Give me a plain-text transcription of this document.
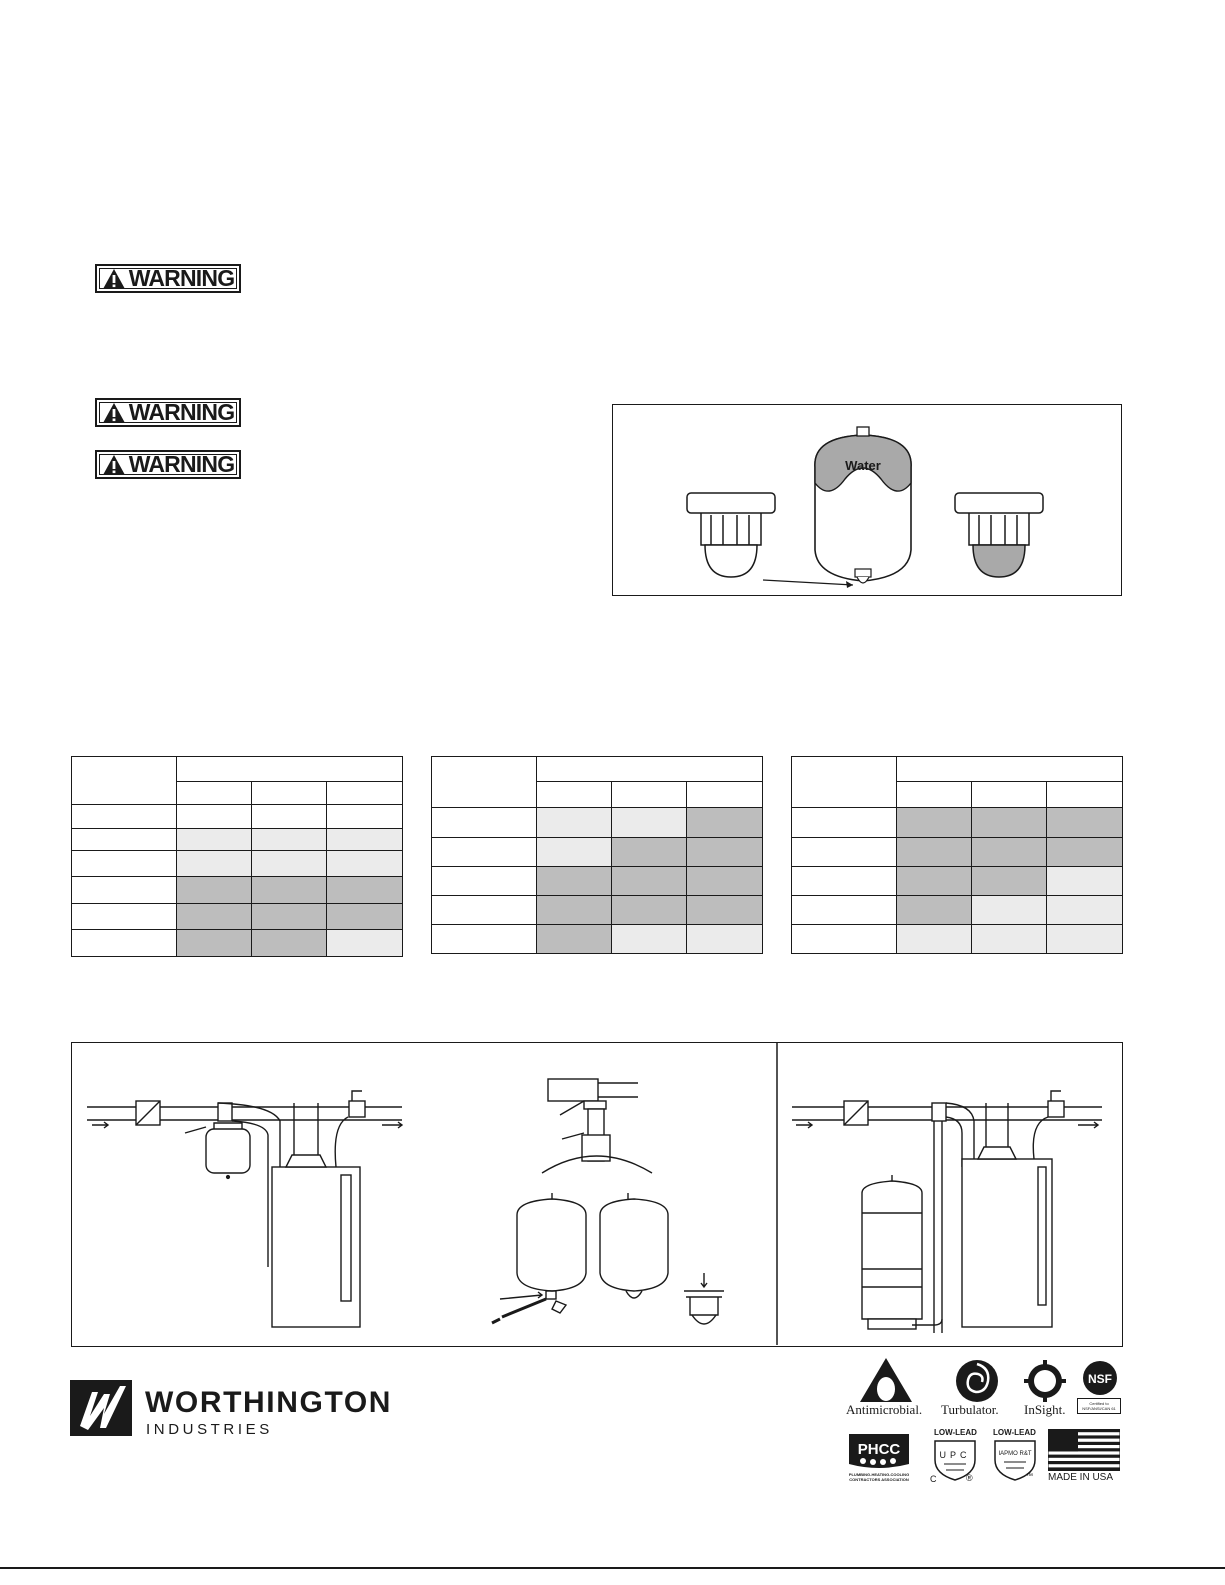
WARNING
WARNING
WARNING	Water

WORTHINGTON
INDUSTRIES
Antimicrobial. Turbulator. InSight.
NSF
Certified to NSF/ANSI/CAN 61
PHCC
PLUMBING-HEATING-COOLING CONTRACTORS ASSOCIATION
LOW-LEAD
UPC
C	®
LOW-LEAD
IAPMO R&T
™ MADE IN USA
